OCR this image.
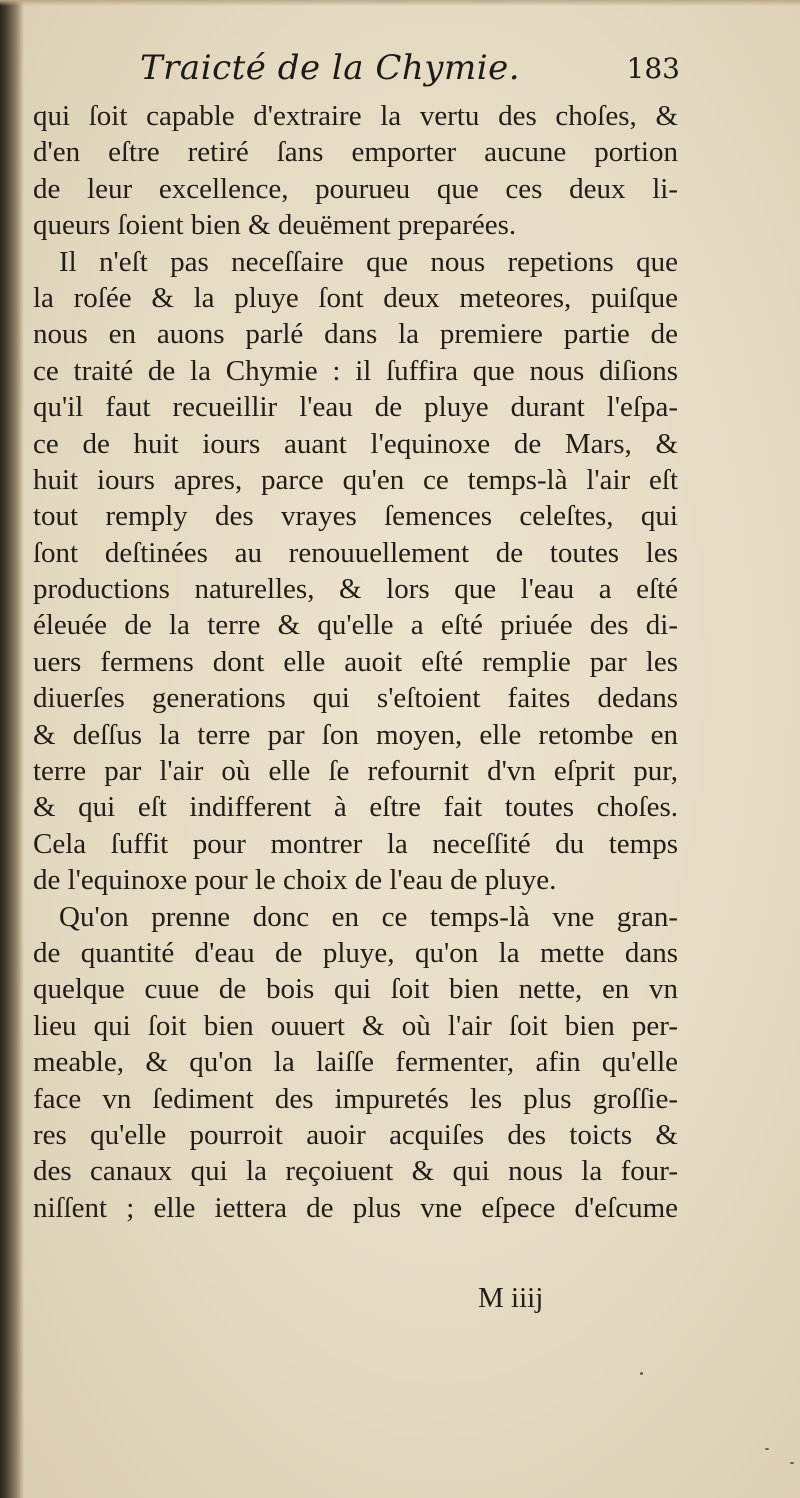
Traicté de la Chymie.	183
qui ſoit capable d'extraire la vertu des choſes, &
d'en eſtre retiré ſans emporter aucune portion
de leur excellence, pourueu que ces deux li-
queurs ſoient bien & deuëment preparées.
Il n'eſt pas neceſſaire que nous repetions que
la roſée & la pluye ſont deux meteores, puiſque
nous en auons parlé dans la premiere partie de
ce traité de la Chymie : il ſuffira que nous diſions
qu'il faut recueillir l'eau de pluye durant l'eſpa-
ce de huit iours auant l'equinoxe de Mars, &
huit iours apres, parce qu'en ce temps-là l'air eſt
tout remply des vrayes ſemences celeſtes, qui
ſont deſtinées au renouuellement de toutes les
productions naturelles, & lors que l'eau a eſté
éleuée de la terre & qu'elle a eſté priuée des di-
uers fermens dont elle auoit eſté remplie par les
diuerſes generations qui s'eſtoient faites dedans
& deſſus la terre par ſon moyen, elle retombe en
terre par l'air où elle ſe refournit d'vn eſprit pur,
& qui eſt indifferent à eſtre fait toutes choſes.
Cela ſuffit pour montrer la neceſſité du temps
de l'equinoxe pour le choix de l'eau de pluye.
Qu'on prenne donc en ce temps-là vne gran-
de quantité d'eau de pluye, qu'on la mette dans
quelque cuue de bois qui ſoit bien nette, en vn
lieu qui ſoit bien ouuert & où l'air ſoit bien per-
meable, & qu'on la laiſſe fermenter, afin qu'elle
face vn ſediment des impuretés les plus groſſie-
res qu'elle pourroit auoir acquiſes des toicts &
des canaux qui la reçoiuent & qui nous la four-
niſſent ; elle iettera de plus vne eſpece d'eſcume
M iiij
